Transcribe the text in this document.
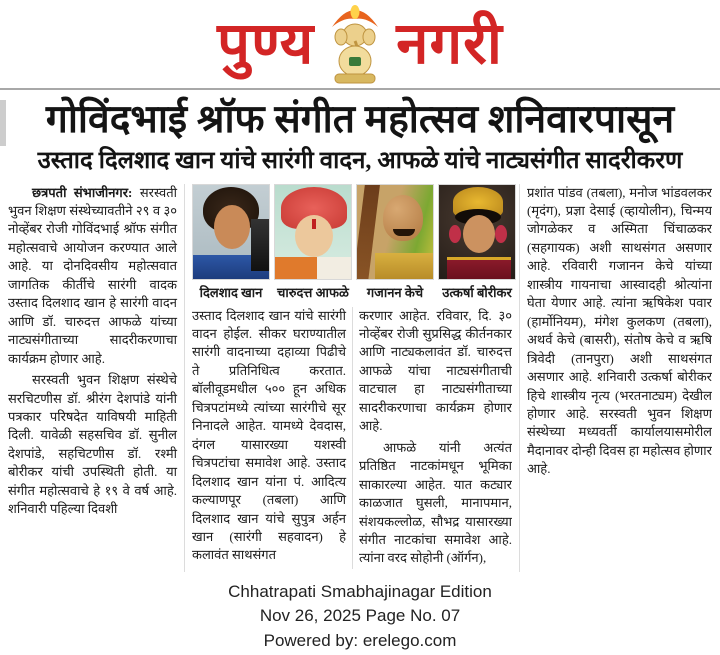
पुण्य नगरी
गोविंदभाई श्रॉफ संगीत महोत्सव शनिवारपासून
उस्ताद दिलशाद खान यांचे सारंगी वादन, आफळे यांचे नाट्यसंगीत सादरीकरण

छत्रपती संभाजीनगर: सरस्वती भुवन शिक्षण संस्थेच्यावतीने २९ व ३० नोव्हेंबर रोजी गोविंदभाई श्रॉफ संगीत महोत्सवाचे आयोजन करण्यात आले आहे. या दोनदिवसीय महोत्सवात जागतिक कीर्तीचे सारंगी वादक उस्ताद दिलशाद खान हे सारंगी वादन आणि डॉ. चारुदत्त आफळे यांच्या नाट्यसंगीताच्या सादरीकरणाचा कार्यक्रम होणार आहे.

सरस्वती भुवन शिक्षण संस्थेचे सरचिटणीस डॉ. श्रीरंग देशपांडे यांनी पत्रकार परिषदेत याविषयी माहिती दिली. यावेळी सहसचिव डॉ. सुनील देशपांडे, सहचिटणीस डॉ. रश्मी बोरीकर यांची उपस्थिती होती. या संगीत महोत्सवाचे हे १९ वे वर्ष आहे. शनिवारी पहिल्या दिवशी

दिलशाद खान	चारुदत्त आफळे	गजानन केचे	उत्कर्षा बोरीकर

उस्ताद दिलशाद खान यांचे सारंगी वादन होईल. सीकर घराण्यातील सारंगी वादनाच्या दहाव्या पिढीचे ते प्रतिनिधित्व करतात. बॉलीवूडमधील ५०० हून अधिक चित्रपटांमध्ये त्यांच्या सारंगीचे सूर निनादले आहेत. यामध्ये देवदास, दंगल यासारख्या यशस्वी चित्रपटांचा समावेश आहे. उस्ताद दिलशाद खान यांना पं. आदित्य कल्याणपूर (तबला) आणि दिलशाद खान यांचे सुपुत्र अर्हन खान (सारंगी सहवादन) हे कलावंत साथसंगत

करणार आहेत. रविवार, दि. ३० नोव्हेंबर रोजी सुप्रसिद्ध कीर्तनकार आणि नाट्यकलावंत डॉ. चारुदत्त आफळे यांचा नाट्यसंगीताची वाटचाल हा नाट्यसंगीताच्या सादरीकरणाचा कार्यक्रम होणार आहे.

आफळे यांनी अत्यंत प्रतिष्ठित नाटकांमधून भूमिका साकारल्या आहेत. यात कट्यार काळजात घुसली, मानापमान, संशयकल्लोळ, सौभद्र यासारख्या संगीत नाटकांचा समावेश आहे. त्यांना वरद सोहोनी (ऑर्गन),

प्रशांत पांडव (तबला), मनोज भांडवलकर (मृदंग), प्रज्ञा देसाई (व्हायोलीन), चिन्मय जोगळेकर व अस्मिता चिंचाळकर (सहगायक) अशी साथसंगत असणार आहे. रविवारी गजानन केचे यांच्या शास्त्रीय गायनाचा आस्वादही श्रोत्यांना घेता येणार आहे. त्यांना ऋषिकेश पवार (हार्मोनियम), मंगेश कुलकण (तबला), अथर्व केचे (बासरी), संतोष केचे व ऋषि त्रिवेदी (तानपुरा) अशी साथसंगत असणार आहे. शनिवारी उत्कर्षा बोरीकर हिचे शास्त्रीय नृत्य (भरतनाट्यम) देखील होणार आहे. सरस्वती भुवन शिक्षण संस्थेच्या मध्यवर्ती कार्यालयासमोरील मैदानावर दोन्ही दिवस हा महोत्सव होणार आहे.

Chhatrapati Smabhajinagar Edition
Nov 26, 2025 Page No. 07
Powered by: erelego.com
